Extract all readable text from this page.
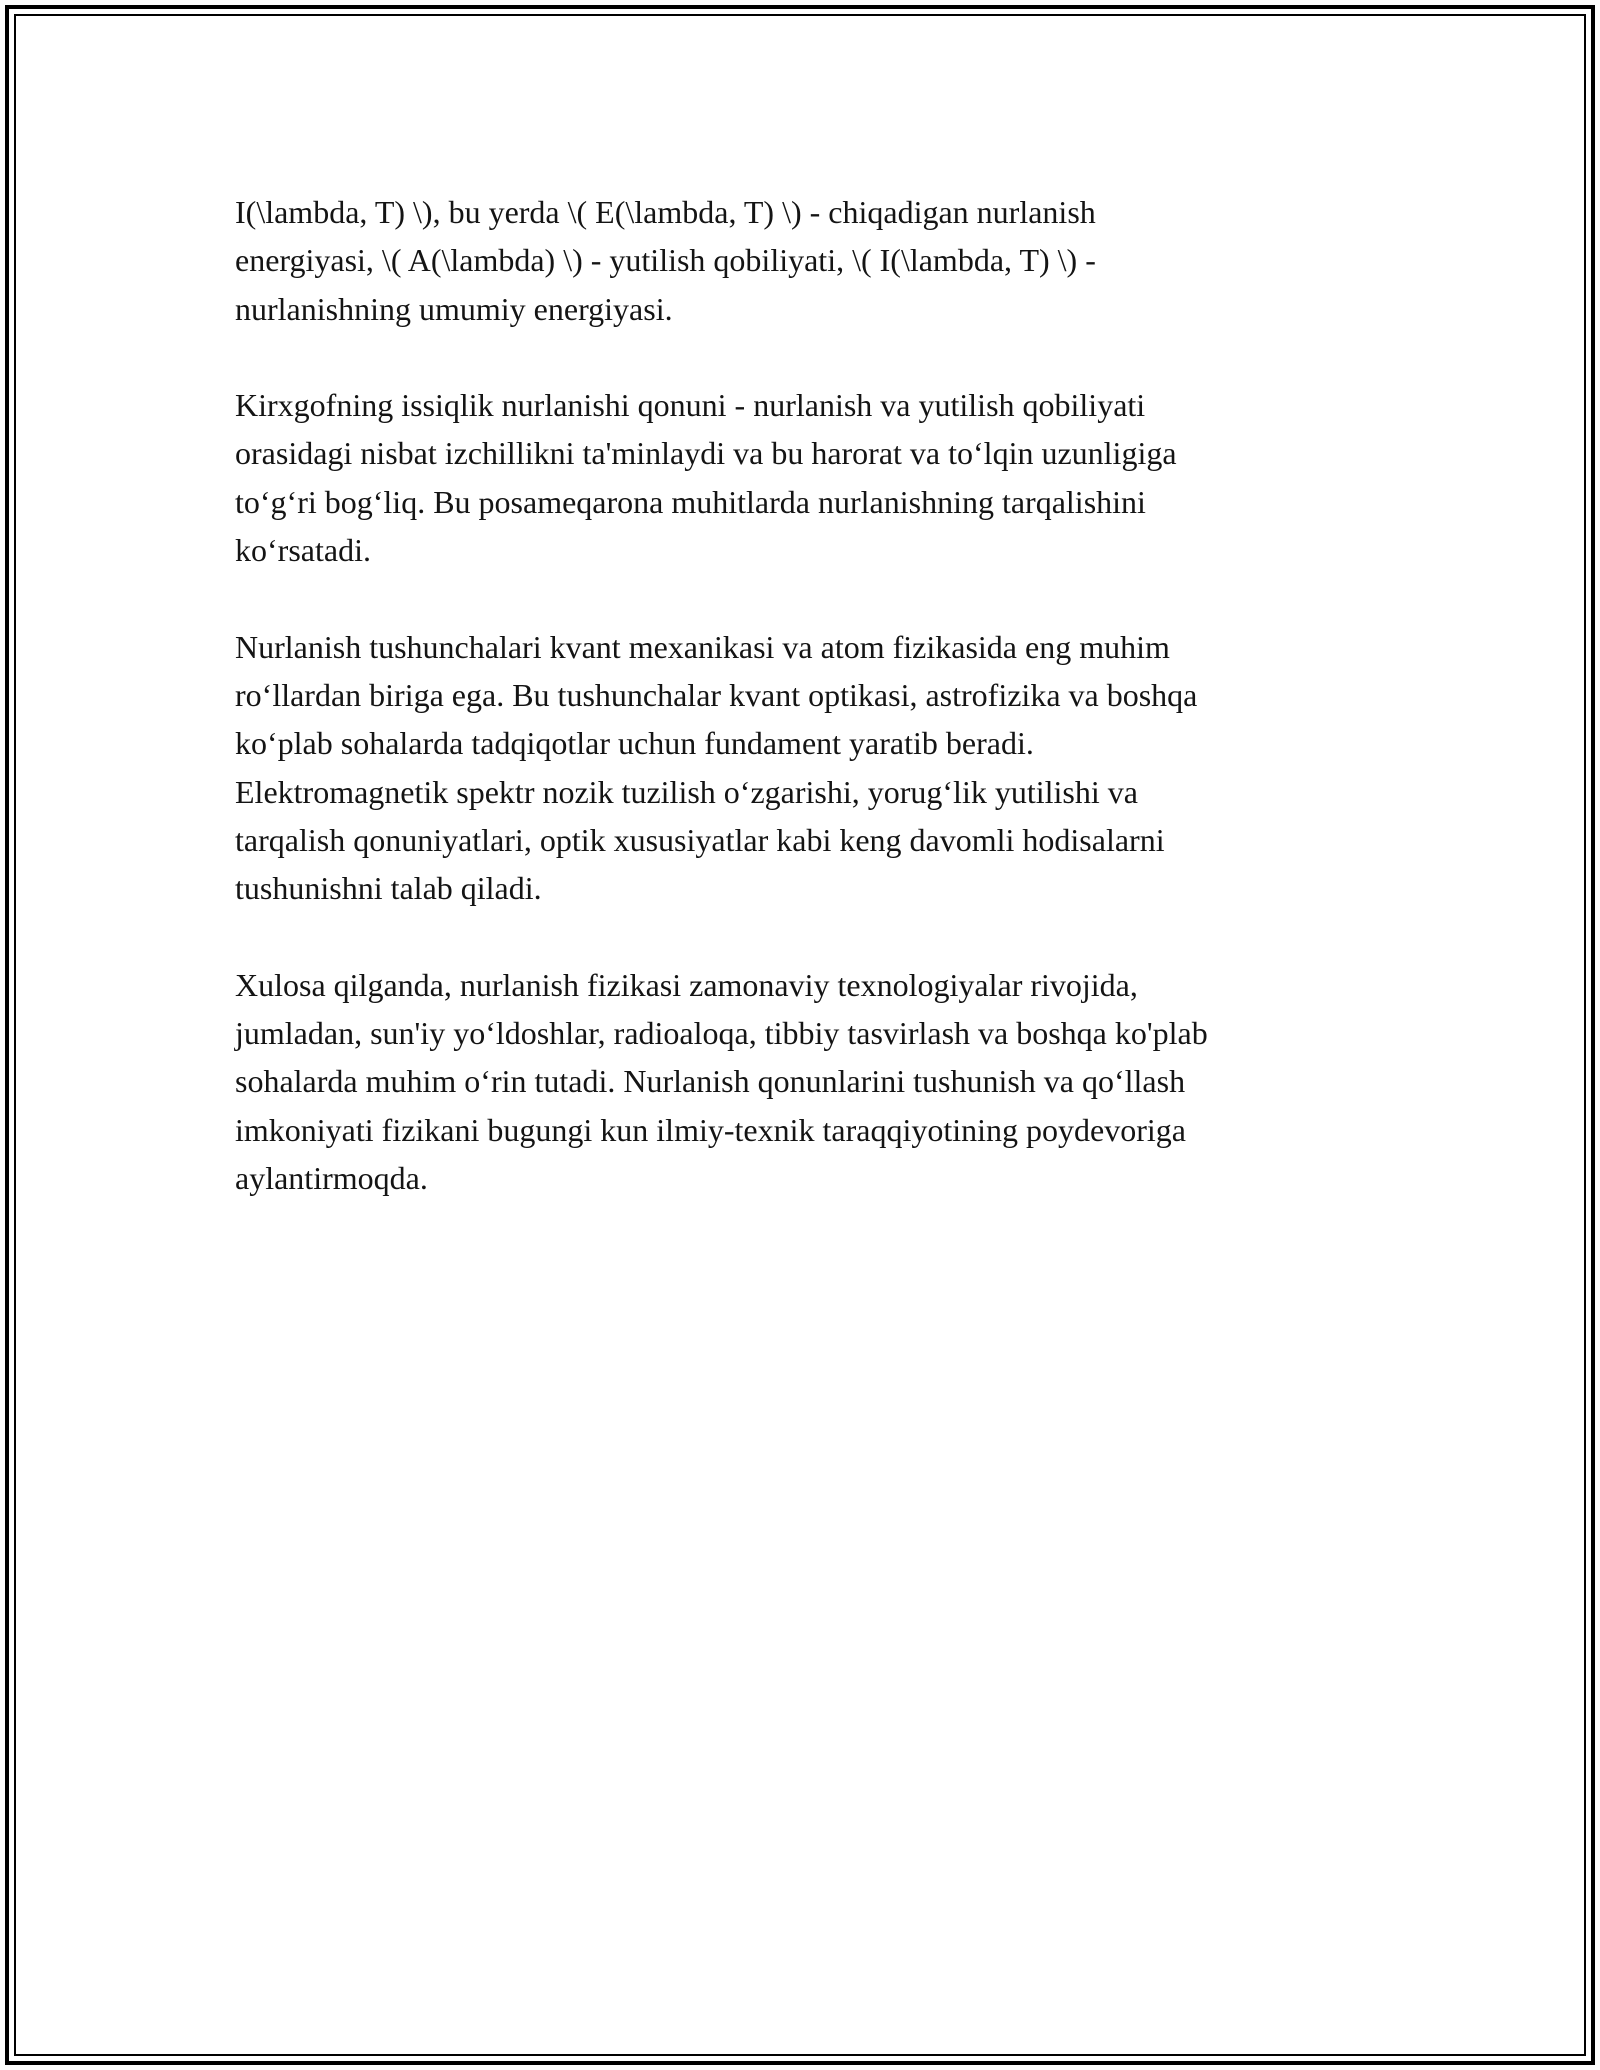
I(\lambda, T) \), bu yerda \( E(\lambda, T) \) - chiqadigan nurlanish
energiyasi, \( A(\lambda) \) - yutilish qobiliyati, \( I(\lambda, T) \) -
nurlanishning umumiy energiyasi.

Kirxgofning issiqlik nurlanishi qonuni - nurlanish va yutilish qobiliyati
orasidagi nisbat izchillikni ta'minlaydi va bu harorat va to‘lqin uzunligiga
to‘g‘ri bog‘liq. Bu posameqarona muhitlarda nurlanishning tarqalishini
ko‘rsatadi.

Nurlanish tushunchalari kvant mexanikasi va atom fizikasida eng muhim
ro‘llardan biriga ega. Bu tushunchalar kvant optikasi, astrofizika va boshqa
ko‘plab sohalarda tadqiqotlar uchun fundament yaratib beradi.
Elektromagnetik spektr nozik tuzilish o‘zgarishi, yorug‘lik yutilishi va
tarqalish qonuniyatlari, optik xususiyatlar kabi keng davomli hodisalarni
tushunishni talab qiladi.

Xulosa qilganda, nurlanish fizikasi zamonaviy texnologiyalar rivojida,
jumladan, sun'iy yo‘ldoshlar, radioaloqa, tibbiy tasvirlash va boshqa ko'plab
sohalarda muhim o‘rin tutadi. Nurlanish qonunlarini tushunish va qo‘llash
imkoniyati fizikani bugungi kun ilmiy-texnik taraqqiyotining poydevoriga
aylantirmoqda.
